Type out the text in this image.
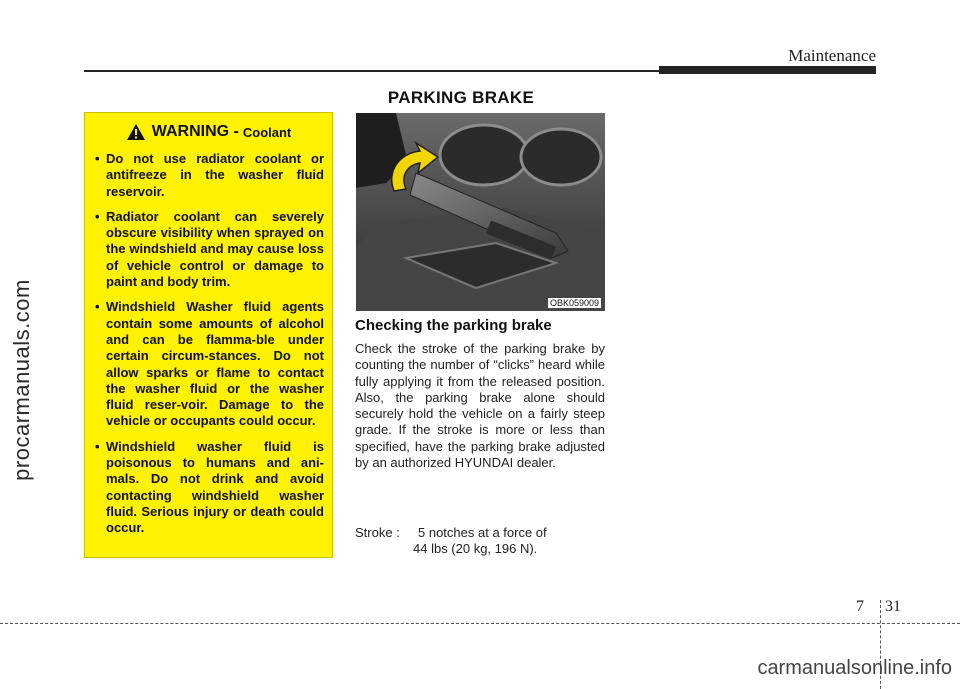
procarmanuals.com
Maintenance
PARKING BRAKE
WARNING - Coolant
• Do not use radiator coolant or antifreeze in the washer fluid reservoir.
• Radiator coolant can severely obscure visibility when sprayed on the windshield and may cause loss of vehicle control or damage to paint and body trim.
• Windshield Washer fluid agents contain some amounts of alcohol and can be flamma-ble under certain circum-stances. Do not allow sparks or flame to contact the washer fluid or the washer fluid reser-voir. Damage to the vehicle or occupants could occur.
• Windshield washer fluid is poisonous to humans and ani-mals. Do not drink and avoid contacting windshield washer fluid. Serious injury or death could occur.
OBK059009
Checking the parking brake
Check the stroke of the parking brake by counting the number of “clicks” heard while fully applying it from the released position. Also, the parking brake alone should securely hold the vehicle on a fairly steep grade. If the stroke is more or less than specified, have the parking brake adjusted by an authorized HYUNDAI dealer.
Stroke : 5 notches at a force of
44 lbs (20 kg, 196 N).
7 31
carmanualsonline.info
